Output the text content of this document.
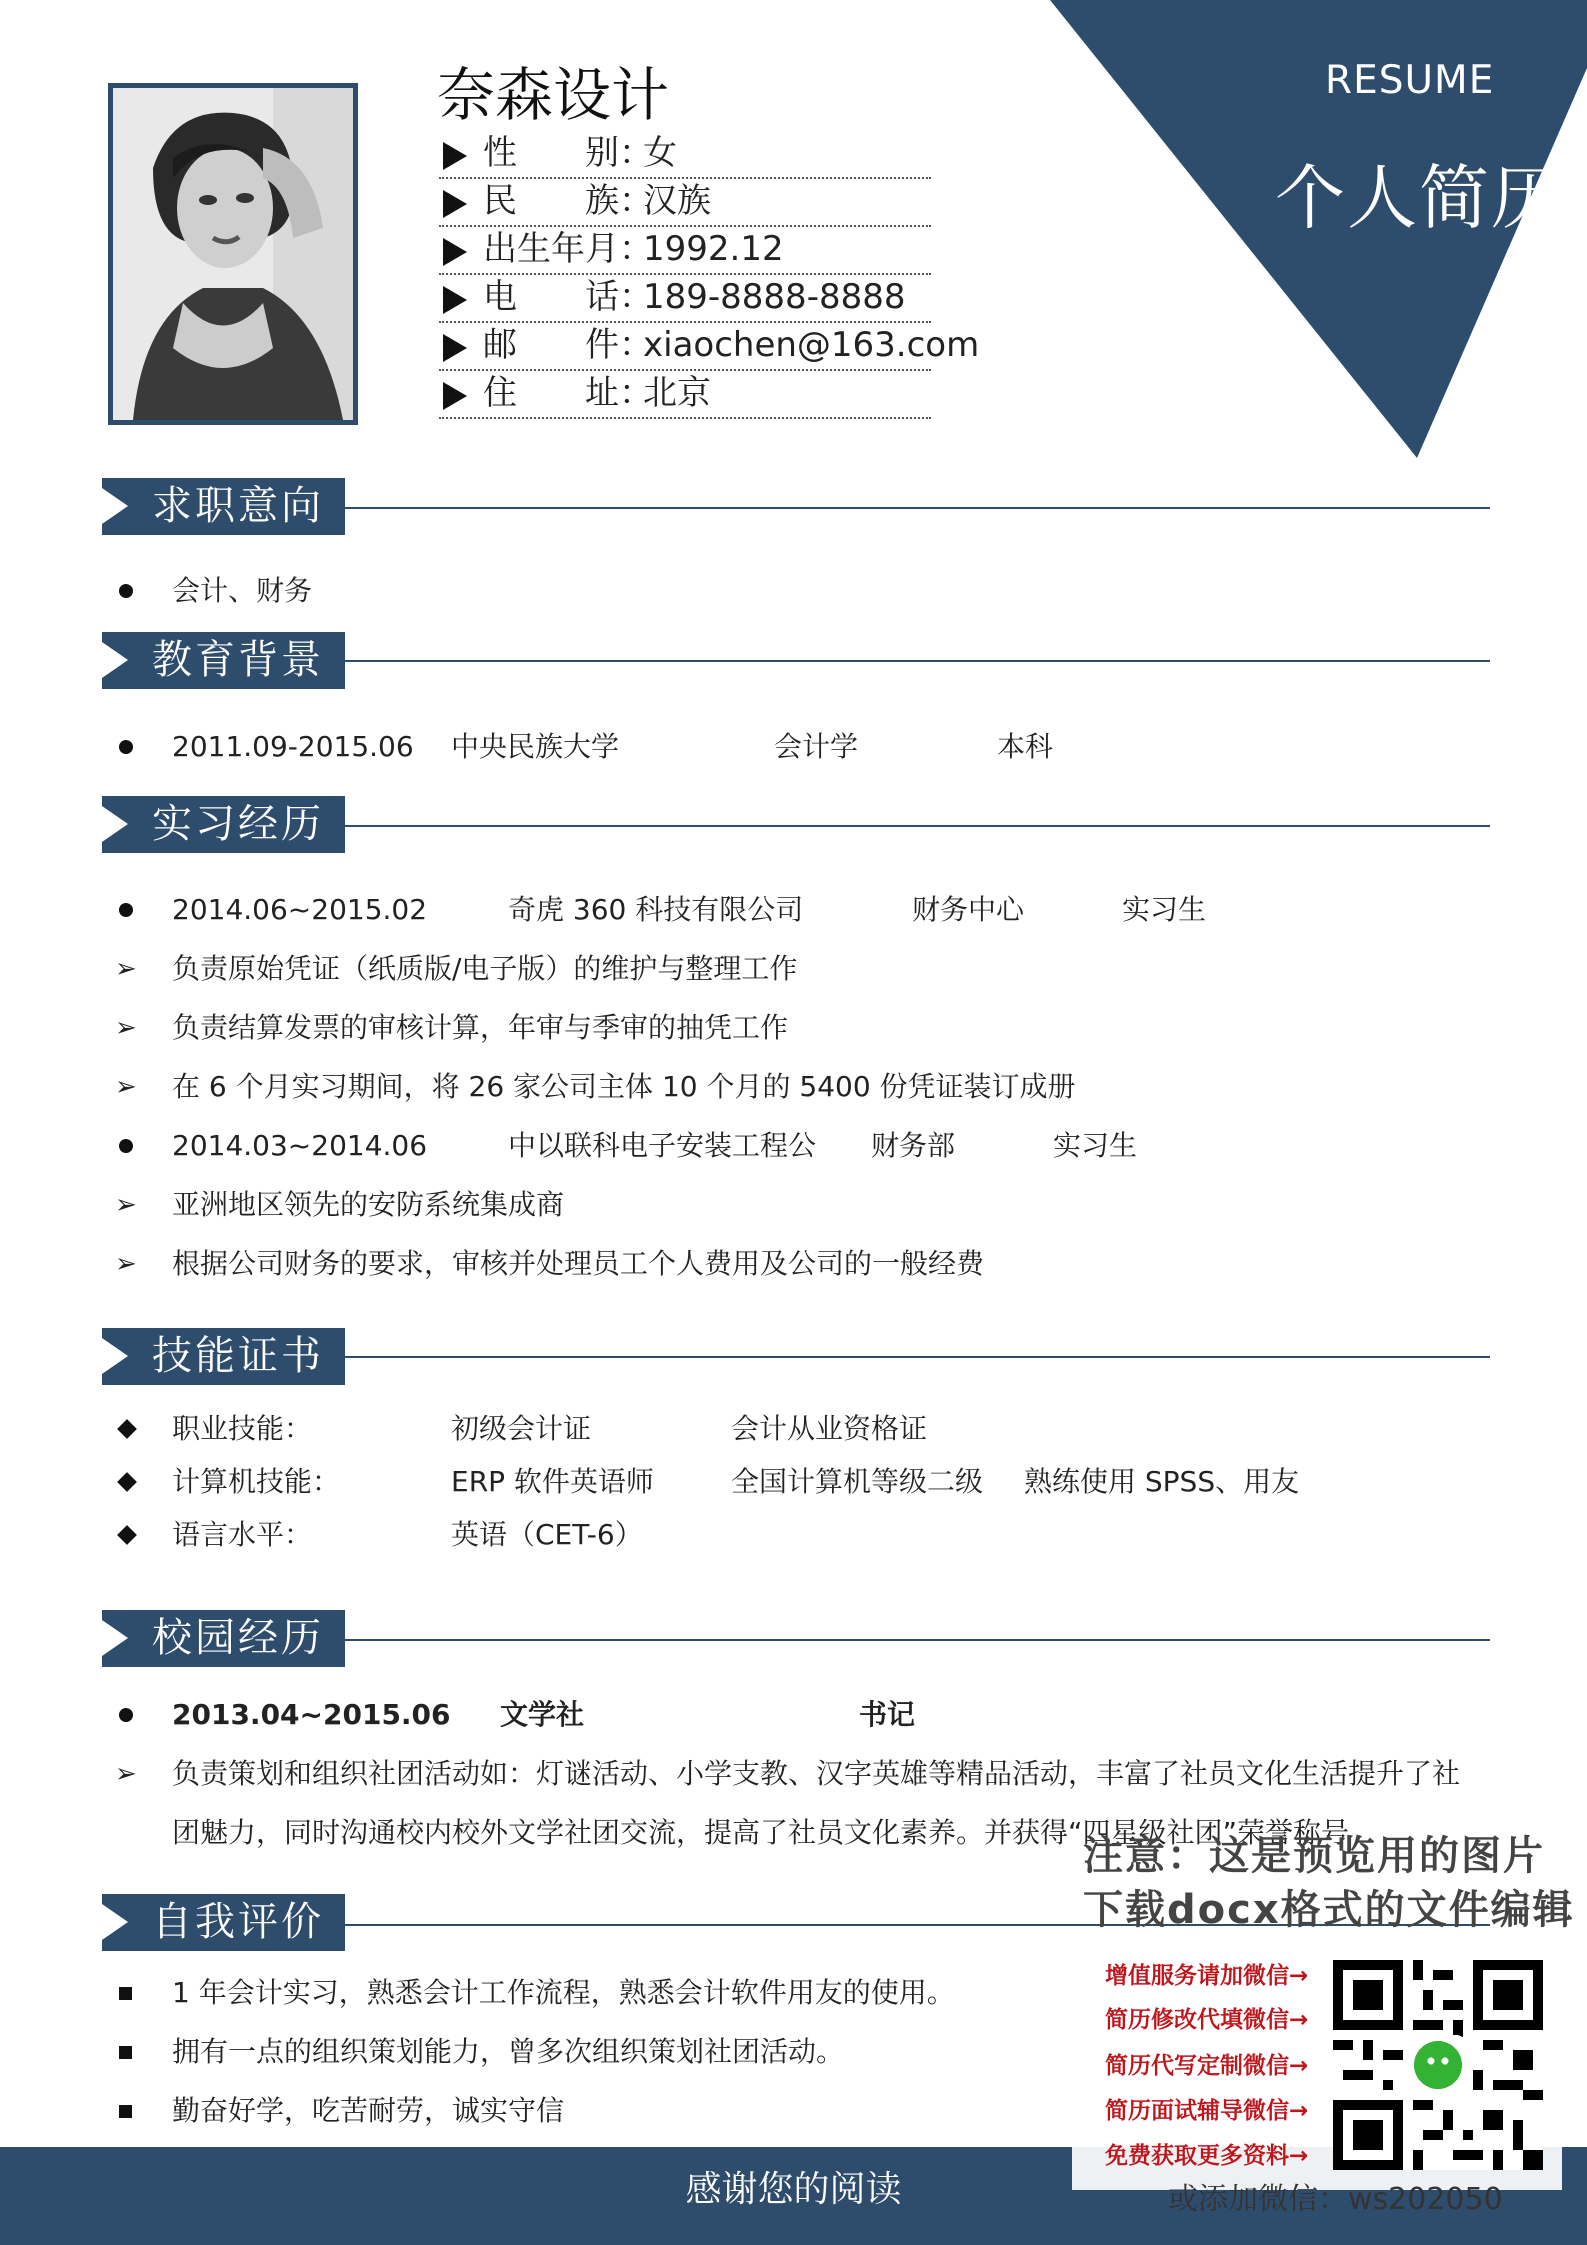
RESUME
个人简历
奈森设计
性　　别：
女
民　　族：
汉族
出生年月：
1992.12
电　　话：
189-8888-8888
邮　　件：
xiaochen@163.com
住　　址：
北京
求职意向
会计、财务
教育背景
2011.09-2015.06 中央民族大学	会计学	本科
实习经历
2014.06~2015.02	奇虎 360 科技有限公司	财务中心	实习生
➢ 负责原始凭证（纸质版/电子版）的维护与整理工作
➢ 负责结算发票的审核计算，年审与季审的抽凭工作
➢ 在 6 个月实习期间，将 26 家公司主体 10 个月的 5400 份凭证装订成册
2014.03~2014.06	中以联科电子安装工程公 财务部	实习生
➢ 亚洲地区领先的安防系统集成商
➢ 根据公司财务的要求，审核并处理员工个人费用及公司的一般经费
技能证书
职业技能：	初级会计证	会计从业资格证
计算机技能：	ERP 软件英语师	全国计算机等级二级 熟练使用 SPSS、用友
语言水平：	英语（CET-6）
校园经历
2013.04~2015.06 文学社	书记
➢ 负责策划和组织社团活动如：灯谜活动、小学支教、汉字英雄等精品活动，丰富了社员文化生活提升了社
团魅力，同时沟通校内校外文学社团交流，提高了社员文化素养。并获得“四星级社团”荣誉称号
自我评价
1 年会计实习，熟悉会计工作流程，熟悉会计软件用友的使用。
拥有一点的组织策划能力，曾多次组织策划社团活动。
勤奋好学，吃苦耐劳，诚实守信
感谢您的阅读
注意：这是预览用的图片
下载docx格式的文件编辑
增值服务请加微信→
简历修改代填微信→
简历代写定制微信→
简历面试辅导微信→
免费获取更多资料→
或添加微信：ws202050
